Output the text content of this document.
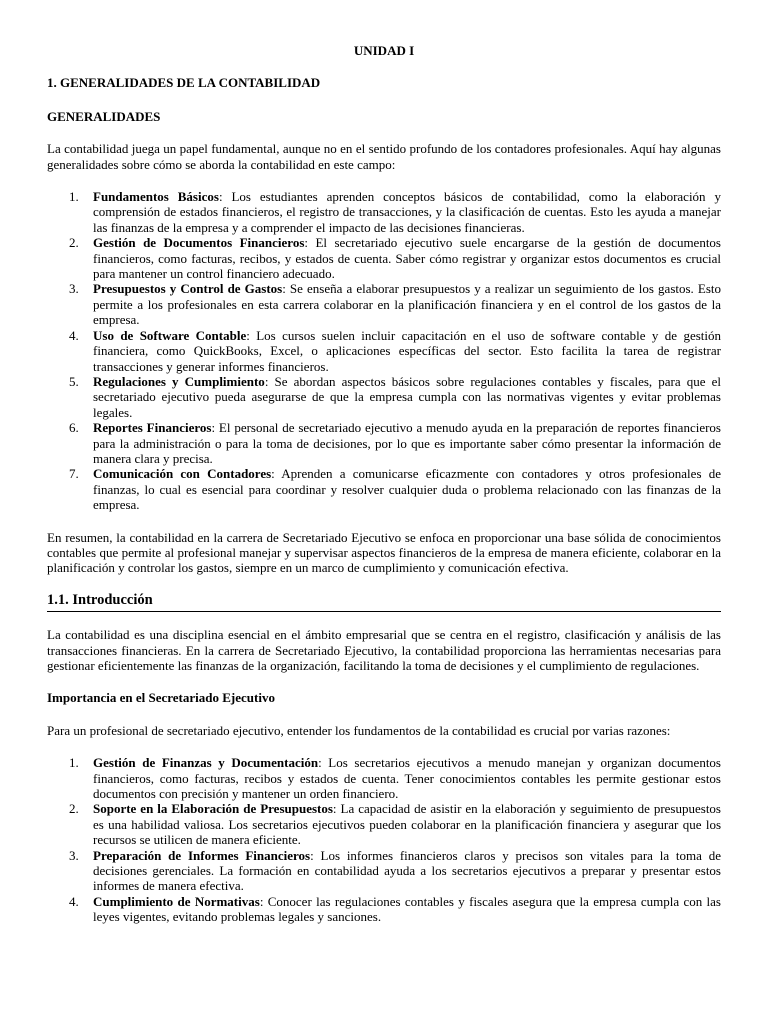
UNIDAD I
1. GENERALIDADES DE LA CONTABILIDAD
GENERALIDADES

La contabilidad juega un papel fundamental, aunque no en el sentido profundo de los contadores profesionales. Aquí hay algunas generalidades sobre cómo se aborda la contabilidad en este campo:

1. Fundamentos Básicos: Los estudiantes aprenden conceptos básicos de contabilidad, como la elaboración y comprensión de estados financieros, el registro de transacciones, y la clasificación de cuentas. Esto les ayuda a manejar las finanzas de la empresa y a comprender el impacto de las decisiones financieras.
2. Gestión de Documentos Financieros: El secretariado ejecutivo suele encargarse de la gestión de documentos financieros, como facturas, recibos, y estados de cuenta. Saber cómo registrar y organizar estos documentos es crucial para mantener un control financiero adecuado.
3. Presupuestos y Control de Gastos: Se enseña a elaborar presupuestos y a realizar un seguimiento de los gastos. Esto permite a los profesionales en esta carrera colaborar en la planificación financiera y en el control de los gastos de la empresa.
4. Uso de Software Contable: Los cursos suelen incluir capacitación en el uso de software contable y de gestión financiera, como QuickBooks, Excel, o aplicaciones específicas del sector. Esto facilita la tarea de registrar transacciones y generar informes financieros.
5. Regulaciones y Cumplimiento: Se abordan aspectos básicos sobre regulaciones contables y fiscales, para que el secretariado ejecutivo pueda asegurarse de que la empresa cumpla con las normativas vigentes y evitar problemas legales.
6. Reportes Financieros: El personal de secretariado ejecutivo a menudo ayuda en la preparación de reportes financieros para la administración o para la toma de decisiones, por lo que es importante saber cómo presentar la información de manera clara y precisa.
7. Comunicación con Contadores: Aprenden a comunicarse eficazmente con contadores y otros profesionales de finanzas, lo cual es esencial para coordinar y resolver cualquier duda o problema relacionado con las finanzas de la empresa.

En resumen, la contabilidad en la carrera de Secretariado Ejecutivo se enfoca en proporcionar una base sólida de conocimientos contables que permite al profesional manejar y supervisar aspectos financieros de la empresa de manera eficiente, colaborar en la planificación y controlar los gastos, siempre en un marco de cumplimiento y comunicación efectiva.

1.1. Introducción

La contabilidad es una disciplina esencial en el ámbito empresarial que se centra en el registro, clasificación y análisis de las transacciones financieras. En la carrera de Secretariado Ejecutivo, la contabilidad proporciona las herramientas necesarias para gestionar eficientemente las finanzas de la organización, facilitando la toma de decisiones y el cumplimiento de regulaciones.

Importancia en el Secretariado Ejecutivo

Para un profesional de secretariado ejecutivo, entender los fundamentos de la contabilidad es crucial por varias razones:

1. Gestión de Finanzas y Documentación: Los secretarios ejecutivos a menudo manejan y organizan documentos financieros, como facturas, recibos y estados de cuenta. Tener conocimientos contables les permite gestionar estos documentos con precisión y mantener un orden financiero.
2. Soporte en la Elaboración de Presupuestos: La capacidad de asistir en la elaboración y seguimiento de presupuestos es una habilidad valiosa. Los secretarios ejecutivos pueden colaborar en la planificación financiera y asegurar que los recursos se utilicen de manera eficiente.
3. Preparación de Informes Financieros: Los informes financieros claros y precisos son vitales para la toma de decisiones gerenciales. La formación en contabilidad ayuda a los secretarios ejecutivos a preparar y presentar estos informes de manera efectiva.
4. Cumplimiento de Normativas: Conocer las regulaciones contables y fiscales asegura que la empresa cumpla con las leyes vigentes, evitando problemas legales y sanciones.
